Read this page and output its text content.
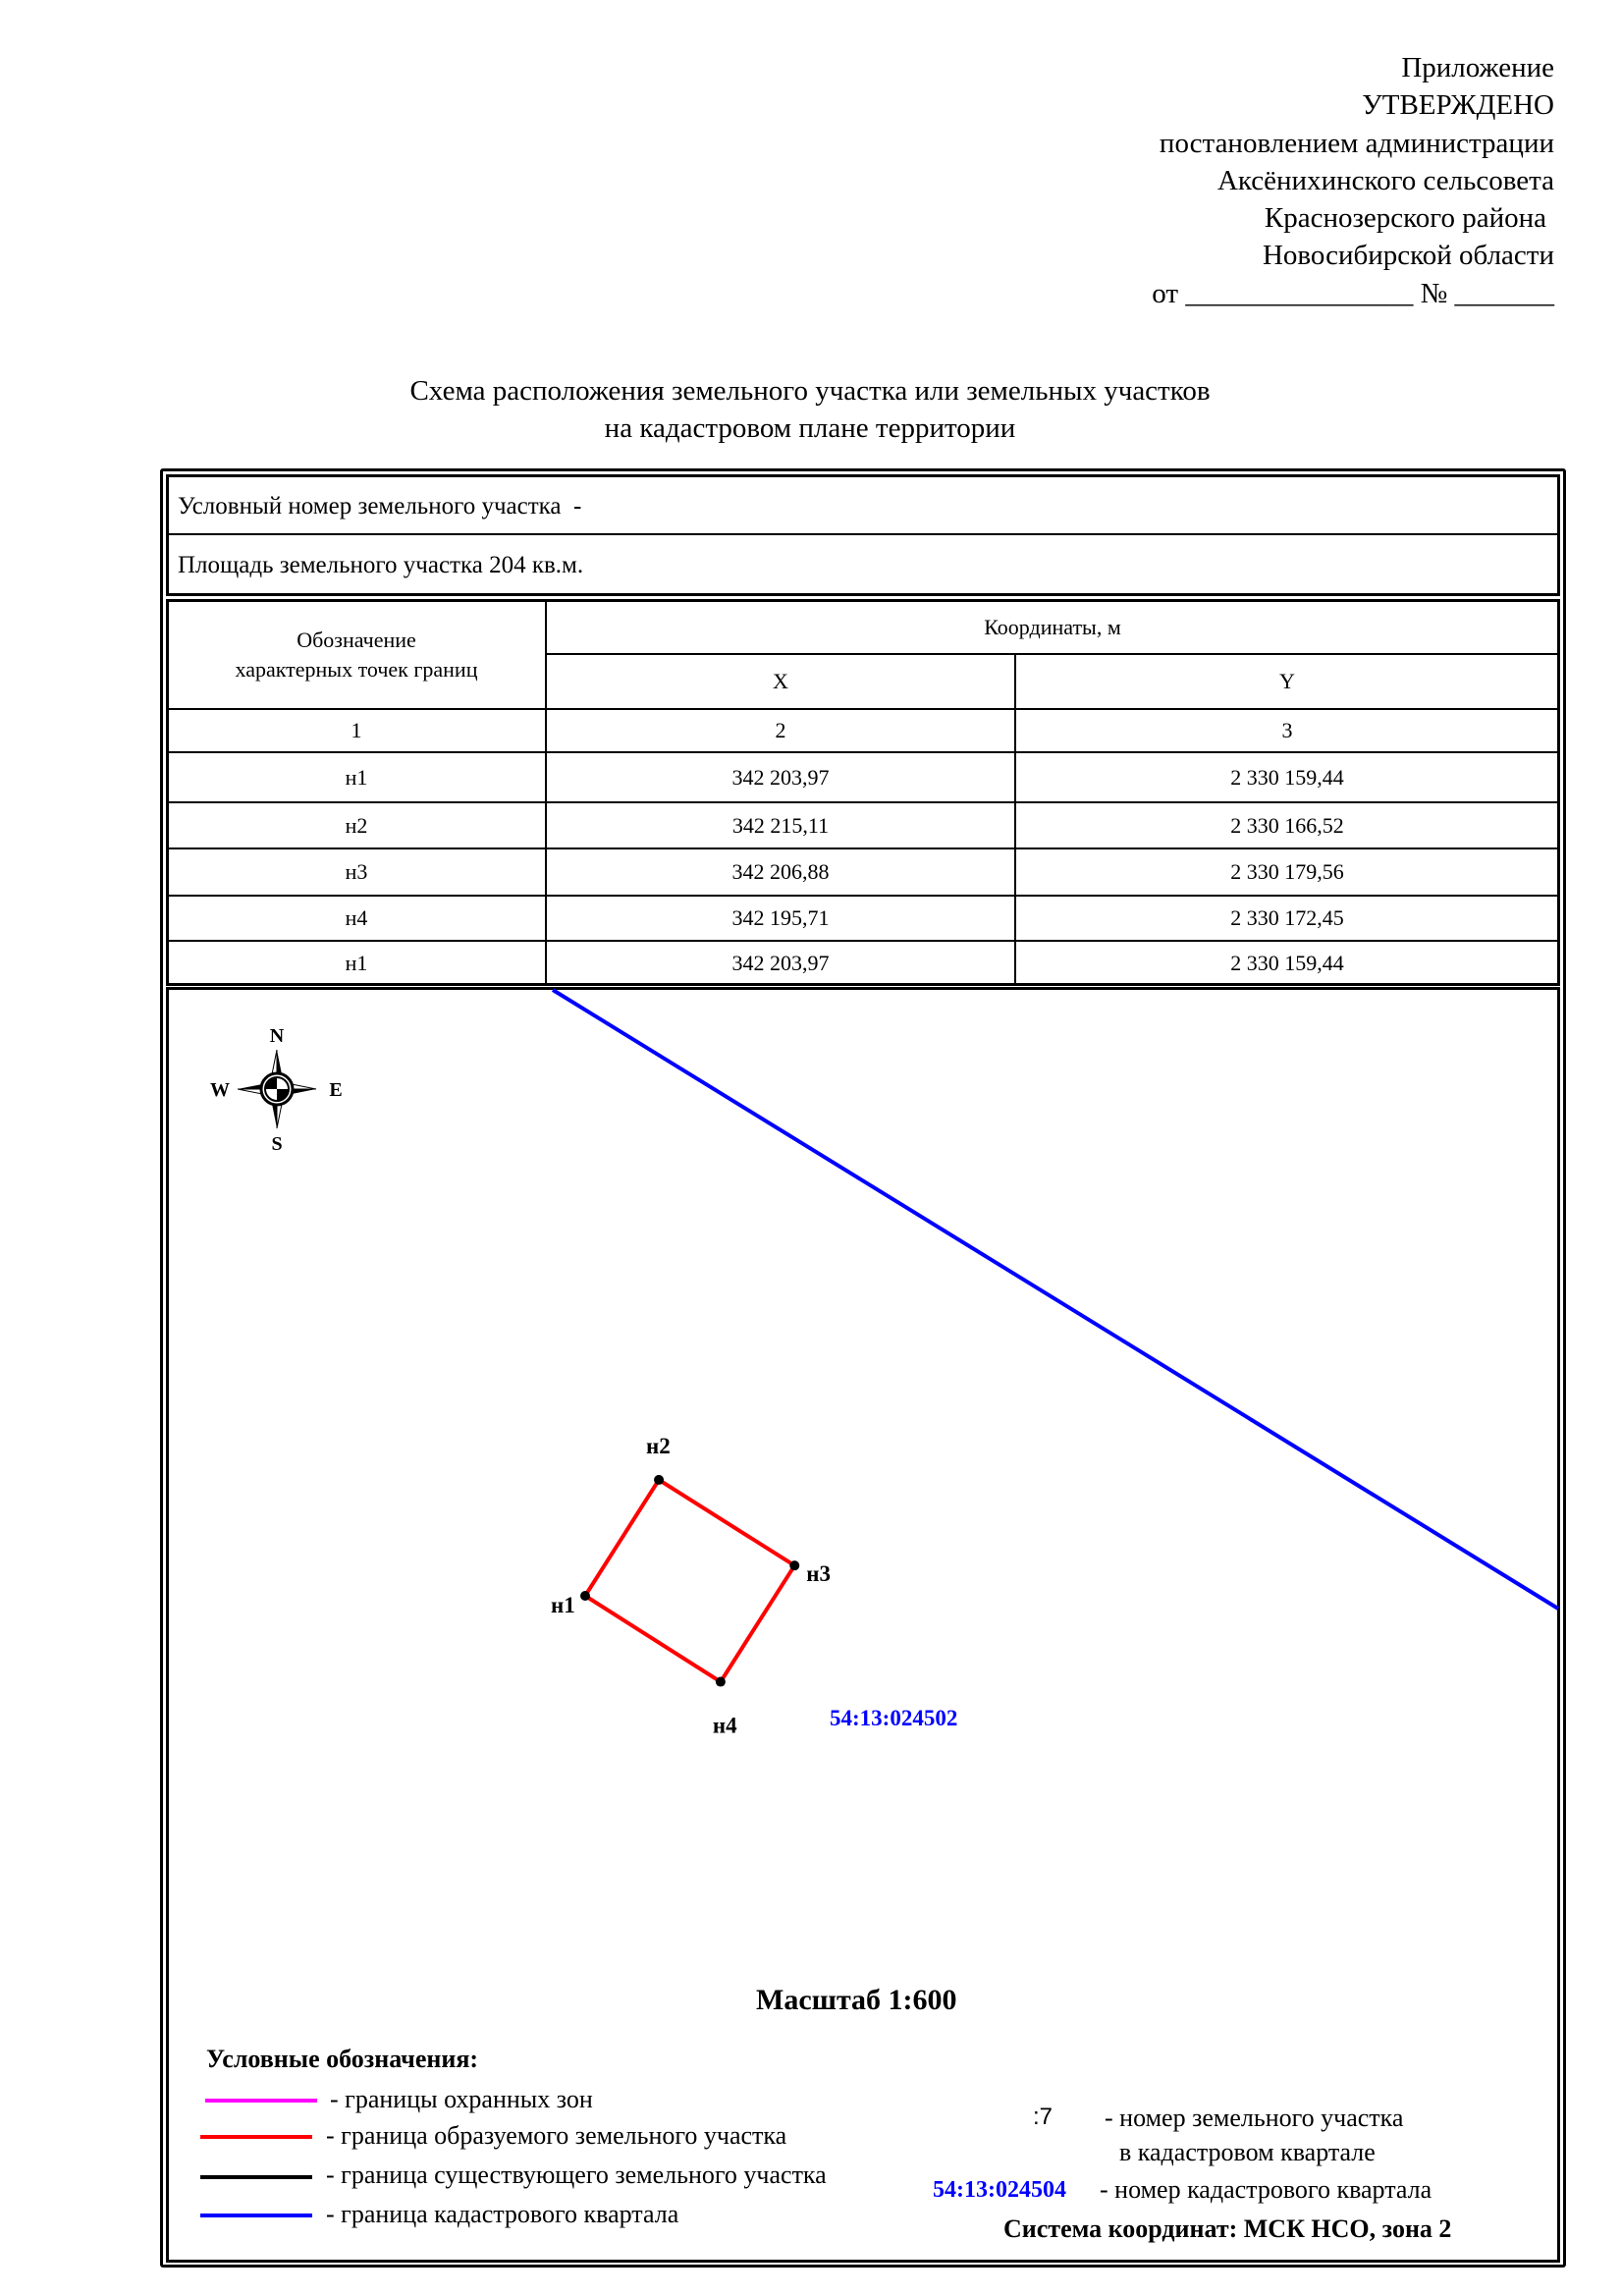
Приложение
УТВЕРЖДЕНО
постановлением администрации
Аксёнихинского сельсовета
Краснозерского района
Новосибирской области
от ________________ № _______
Схема расположения земельного участка или земельных участков
на кадастровом плане территории
Условный номер земельного участка  -
Площадь земельного участка 204 кв.м.
Обозначение
характерных точек границ
Координаты, м
X	Y
1	2	3
н1	342 203,97	2 330 159,44
н2	342 215,11	2 330 166,52
н3	342 206,88	2 330 179,56
н4	342 195,71	2 330 172,45
н1	342 203,97	2 330 159,44
N
S
W	E
н1
н2
н3
н4	54:13:024502
Масштаб 1:600
Условные обозначения:
- границы охранных зон
- граница образуемого земельного участка
- граница существующего земельного участка
- граница кадастрового квартала
:7 - номер земельного участка
в кадастровом квартале
54:13:024504 - номер кадастрового квартала
Система координат: МСК НСО, зона 2
